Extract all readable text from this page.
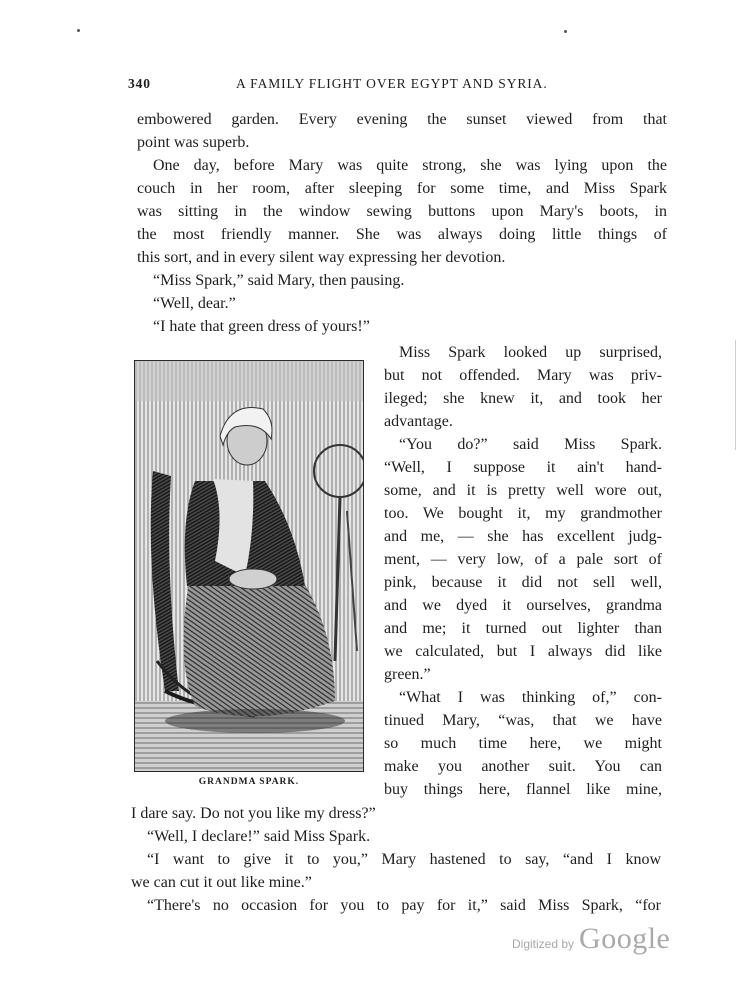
340	A FAMILY FLIGHT OVER EGYPT AND SYRIA.
embowered garden. Every evening the sunset viewed from that
point was superb.
One day, before Mary was quite strong, she was lying upon the
couch in her room, after sleeping for some time, and Miss Spark
was sitting in the window sewing buttons upon Mary's boots, in
the most friendly manner. She was always doing little things of
this sort, and in every silent way expressing her devotion.
“Miss Spark,” said Mary, then pausing.
“Well, dear.”
“I hate that green dress of yours!”
Miss Spark looked up surprised,
but not offended. Mary was priv-
ileged; she knew it, and took her
advantage.
“You do?” said Miss Spark.
“Well, I suppose it ain't hand-
some, and it is pretty well wore out,
too. We bought it, my grandmother
and me, — she has excellent judg-
ment, — very low, of a pale sort of
pink, because it did not sell well,
and we dyed it ourselves, grandma
and me; it turned out lighter than
we calculated, but I always did like
green.”
“What I was thinking of,” con-
tinued Mary, “was, that we have
so much time here, we might
make you another suit. You can
buy things here, flannel like mine,
I dare say. Do not you like my dress?”
“Well, I declare!” said Miss Spark.
“I want to give it to you,” Mary hastened to say, “and I know
we can cut it out like mine.”
“There's no occasion for you to pay for it,” said Miss Spark, “for
GRANDMA SPARK.
Digitized by Google
